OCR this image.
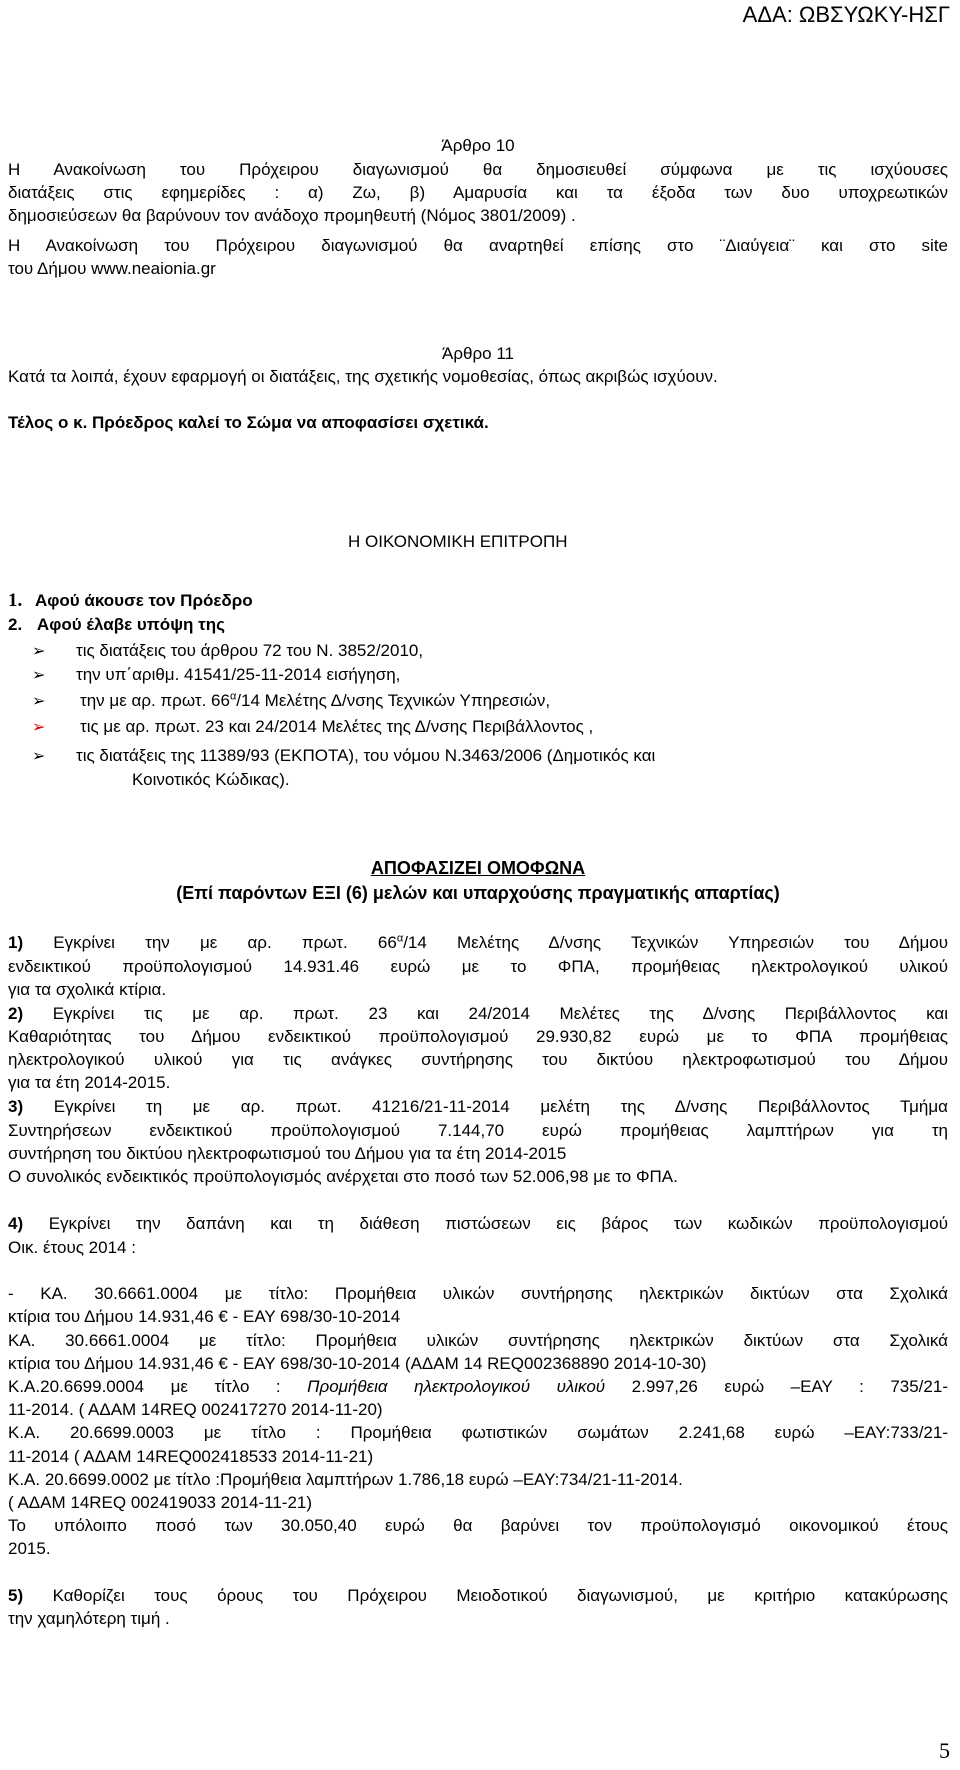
ΑΔΑ: ΩΒΣΥΩΚΥ-ΗΣΓ
Άρθρο 10
Η Ανακοίνωση του Πρόχειρου διαγωνισμού θα δημοσιευθεί σύμφωνα με τις ισχύουσες
διατάξεις στις εφημερίδες : α) Ζω, β) Αμαρυσία και τα έξοδα των δυο υποχρεωτικών
δημοσιεύσεων θα βαρύνουν τον ανάδοχο προμηθευτή (Νόμος 3801/2009) .
Η Ανακοίνωση του Πρόχειρου διαγωνισμού θα αναρτηθεί επίσης στο ¨Διαύγεια¨ και στο site
του Δήμου www.neaionia.gr
Άρθρο 11
Κατά τα λοιπά, έχουν εφαρμογή οι διατάξεις, της σχετικής νομοθεσίας, όπως ακριβώς ισχύουν.
Τέλος ο κ. Πρόεδρος καλεί το Σώμα να αποφασίσει σχετικά.
Η ΟΙΚΟΝΟΜΙΚΗ ΕΠΙΤΡΟΠΗ
1. Αφού άκουσε τον Πρόεδρο
2. Αφού έλαβε υπόψη της
➢ τις διατάξεις του άρθρου 72 του Ν. 3852/2010,
➢ την υπ΄αριθμ. 41541/25-11-2014 εισήγηση,
➢ την με αρ. πρωτ. $66^\alpha/14$ Μελέτης Δ/νσης Τεχνικών Υπηρεσιών,
➢ τις με αρ. πρωτ. 23 και 24/2014 Μελέτες της Δ/νσης Περιβάλλοντος ,
➢ τις διατάξεις της 11389/93 (ΕΚΠΟΤΑ), του νόμου Ν.3463/2006 (Δημοτικός και
Κοινοτικός Κώδικας).
ΑΠΟΦΑΣΙΖΕΙ ΟΜΟΦΩΝΑ
(Επί παρόντων ΕΞΙ (6) μελών και υπαρχούσης πραγματικής απαρτίας)
1) Εγκρίνει την με αρ. πρωτ. $66^\alpha/14$ Μελέτης Δ/νσης Τεχνικών Υπηρεσιών του Δήμου
ενδεικτικού προϋπολογισμού 14.931.46 ευρώ με το ΦΠΑ, προμήθειας ηλεκτρολογικού υλικού
για τα σχολικά κτίρια.
2) Εγκρίνει τις με αρ. πρωτ. 23 και 24/2014 Μελέτες της Δ/νσης Περιβάλλοντος και
Καθαριότητας του Δήμου ενδεικτικού προϋπολογισμού 29.930,82 ευρώ με το ΦΠΑ προμήθειας
ηλεκτρολογικού υλικού για τις ανάγκες συντήρησης του δικτύου ηλεκτροφωτισμού του Δήμου
για τα έτη 2014-2015.
3) Εγκρίνει τη με αρ. πρωτ. 41216/21-11-2014 μελέτη της Δ/νσης Περιβάλλοντος Τμήμα
Συντηρήσεων ενδεικτικού προϋπολογισμού 7.144,70 ευρώ προμήθειας λαμπτήρων για τη
συντήρηση του δικτύου ηλεκτροφωτισμού του Δήμου για τα έτη 2014-2015
Ο συνολικός ενδεικτικός προϋπολογισμός ανέρχεται στο ποσό των 52.006,98 με το ΦΠΑ.
4) Εγκρίνει την δαπάνη και τη διάθεση πιστώσεων εις βάρος των κωδικών προϋπολογισμού
Οικ. έτους 2014 :
- ΚΑ. 30.6661.0004 με τίτλο: Προμήθεια υλικών συντήρησης ηλεκτρικών δικτύων στα Σχολικά
κτίρια του Δήμου 14.931,46 € - ΕΑΥ 698/30-10-2014
ΚΑ. 30.6661.0004 με τίτλο: Προμήθεια υλικών συντήρησης ηλεκτρικών δικτύων στα Σχολικά
κτίρια του Δήμου 14.931,46 € - ΕΑΥ 698/30-10-2014 (ΑΔΑΜ 14 REQ002368890 2014-10-30)
Κ.Α.20.6699.0004 με τίτλο : Προμήθεια ηλεκτρολογικού υλικού 2.997,26 ευρώ –ΕΑΥ : 735/21-
11-2014. ( ΑΔΑΜ 14REQ 002417270 2014-11-20)
Κ.Α. 20.6699.0003 με τίτλο : Προμήθεια φωτιστικών σωμάτων 2.241,68 ευρώ –ΕΑΥ:733/21-
11-2014 ( ΑΔΑΜ 14REQ002418533 2014-11-21)
Κ.Α. 20.6699.0002 με τίτλο :Προμήθεια λαμπτήρων 1.786,18 ευρώ –ΕΑΥ:734/21-11-2014.
( ΑΔΑΜ 14REQ 002419033 2014-11-21)
Το υπόλοιπο ποσό των 30.050,40 ευρώ θα βαρύνει τον προϋπολογισμό οικονομικού έτους
2015.
5) Καθορίζει τους όρους του Πρόχειρου Μειοδοτικού διαγωνισμού, με κριτήριο κατακύρωσης
την χαμηλότερη τιμή .
5
